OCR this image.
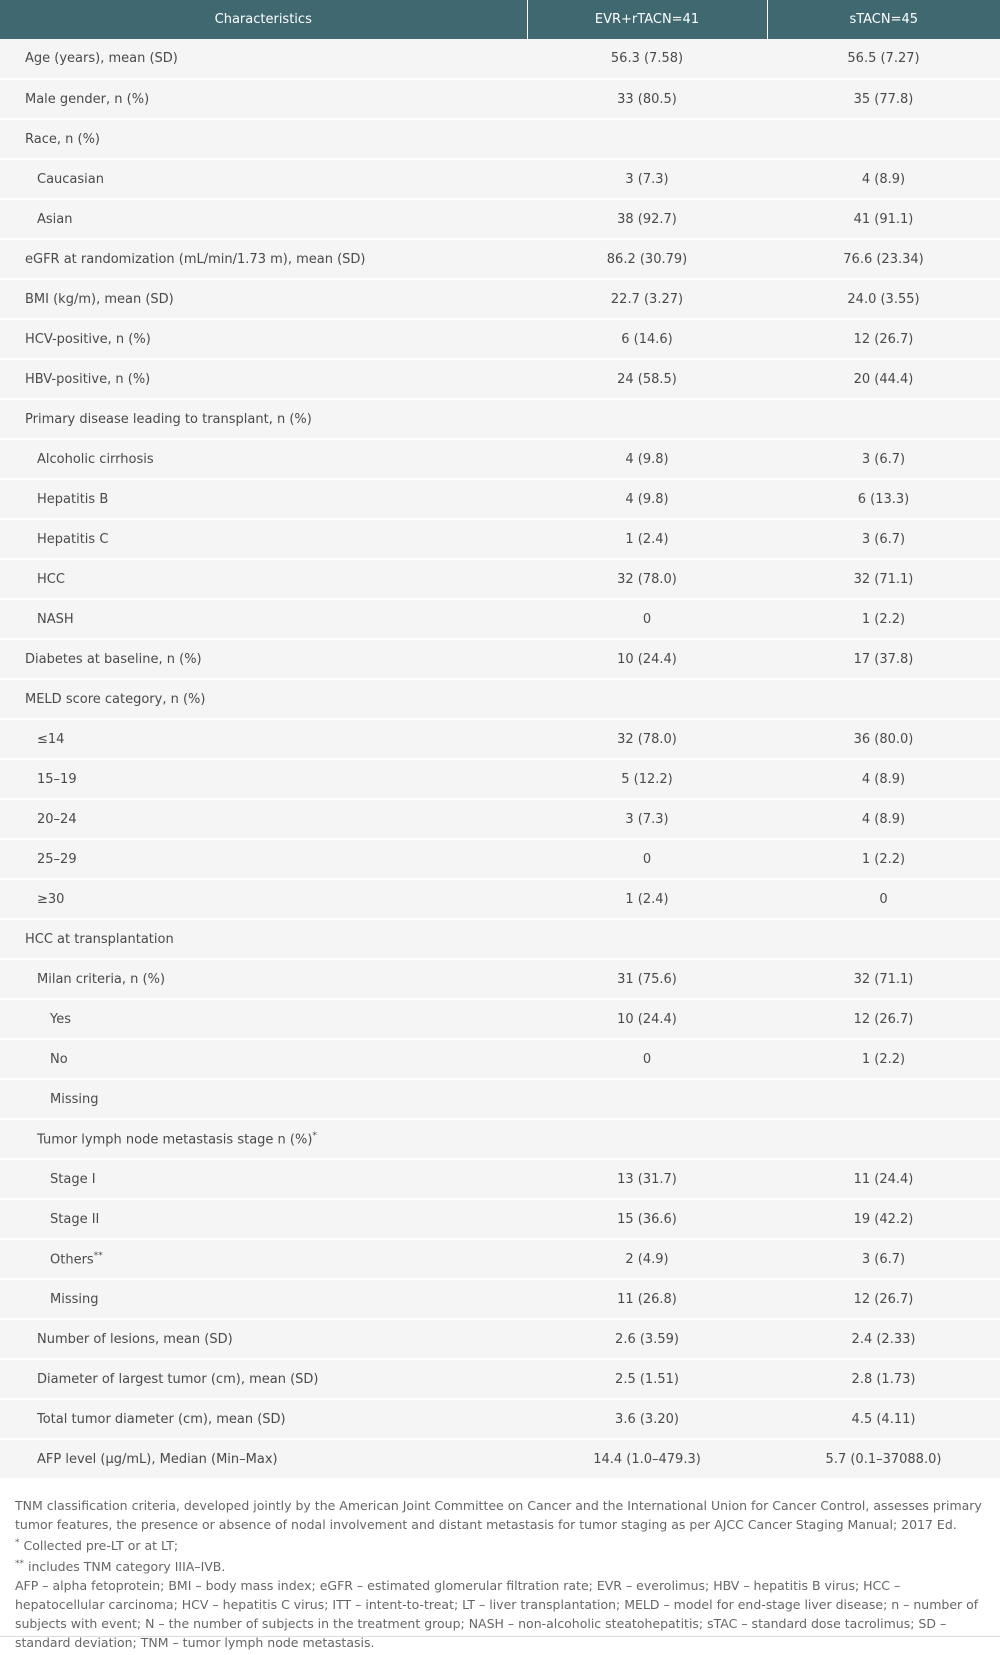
Characteristics	EVR+rTACN=41	sTACN=45
Age (years), mean (SD)	56.3 (7.58)	56.5 (7.27)
Male gender, n (%)	33 (80.5)	35 (77.8)
Race, n (%)		
Caucasian	3 (7.3)	4 (8.9)
Asian	38 (92.7)	41 (91.1)
eGFR at randomization (mL/min/1.73 m), mean (SD)	86.2 (30.79)	76.6 (23.34)
BMI (kg/m), mean (SD)	22.7 (3.27)	24.0 (3.55)
HCV-positive, n (%)	6 (14.6)	12 (26.7)
HBV-positive, n (%)	24 (58.5)	20 (44.4)
Primary disease leading to transplant, n (%)		
Alcoholic cirrhosis	4 (9.8)	3 (6.7)
Hepatitis B	4 (9.8)	6 (13.3)
Hepatitis C	1 (2.4)	3 (6.7)
HCC	32 (78.0)	32 (71.1)
NASH	0	1 (2.2)
Diabetes at baseline, n (%)	10 (24.4)	17 (37.8)
MELD score category, n (%)		
≤14	32 (78.0)	36 (80.0)
15–19	5 (12.2)	4 (8.9)
20–24	3 (7.3)	4 (8.9)
25–29	0	1 (2.2)
≥30	1 (2.4)	0
HCC at transplantation		
Milan criteria, n (%)	31 (75.6)	32 (71.1)
Yes	10 (24.4)	12 (26.7)
No	0	1 (2.2)
Missing		
Tumor lymph node metastasis stage n (%)*		
Stage I	13 (31.7)	11 (24.4)
Stage II	15 (36.6)	19 (42.2)
Others**	2 (4.9)	3 (6.7)
Missing	11 (26.8)	12 (26.7)
Number of lesions, mean (SD)	2.6 (3.59)	2.4 (2.33)
Diameter of largest tumor (cm), mean (SD)	2.5 (1.51)	2.8 (1.73)
Total tumor diameter (cm), mean (SD)	3.6 (3.20)	4.5 (4.11)
AFP level (μg/mL), Median (Min–Max)	14.4 (1.0–479.3)	5.7 (0.1–37088.0)

TNM classification criteria, developed jointly by the American Joint Committee on Cancer and the International Union for Cancer Control, assesses primary tumor features, the presence or absence of nodal involvement and distant metastasis for tumor staging as per AJCC Cancer Staging Manual; 2017 Ed.

* Collected pre-LT or at LT;

** includes TNM category IIIA–IVB.

AFP – alpha fetoprotein; BMI – body mass index; eGFR – estimated glomerular filtration rate; EVR – everolimus; HBV – hepatitis B virus; HCC – hepatocellular carcinoma; HCV – hepatitis C virus; ITT – intent-to-treat; LT – liver transplantation; MELD – model for end-stage liver disease; n – number of subjects with event; N – the number of subjects in the treatment group; NASH – non-alcoholic steatohepatitis; sTAC – standard dose tacrolimus; SD – standard deviation; TNM – tumor lymph node metastasis.
